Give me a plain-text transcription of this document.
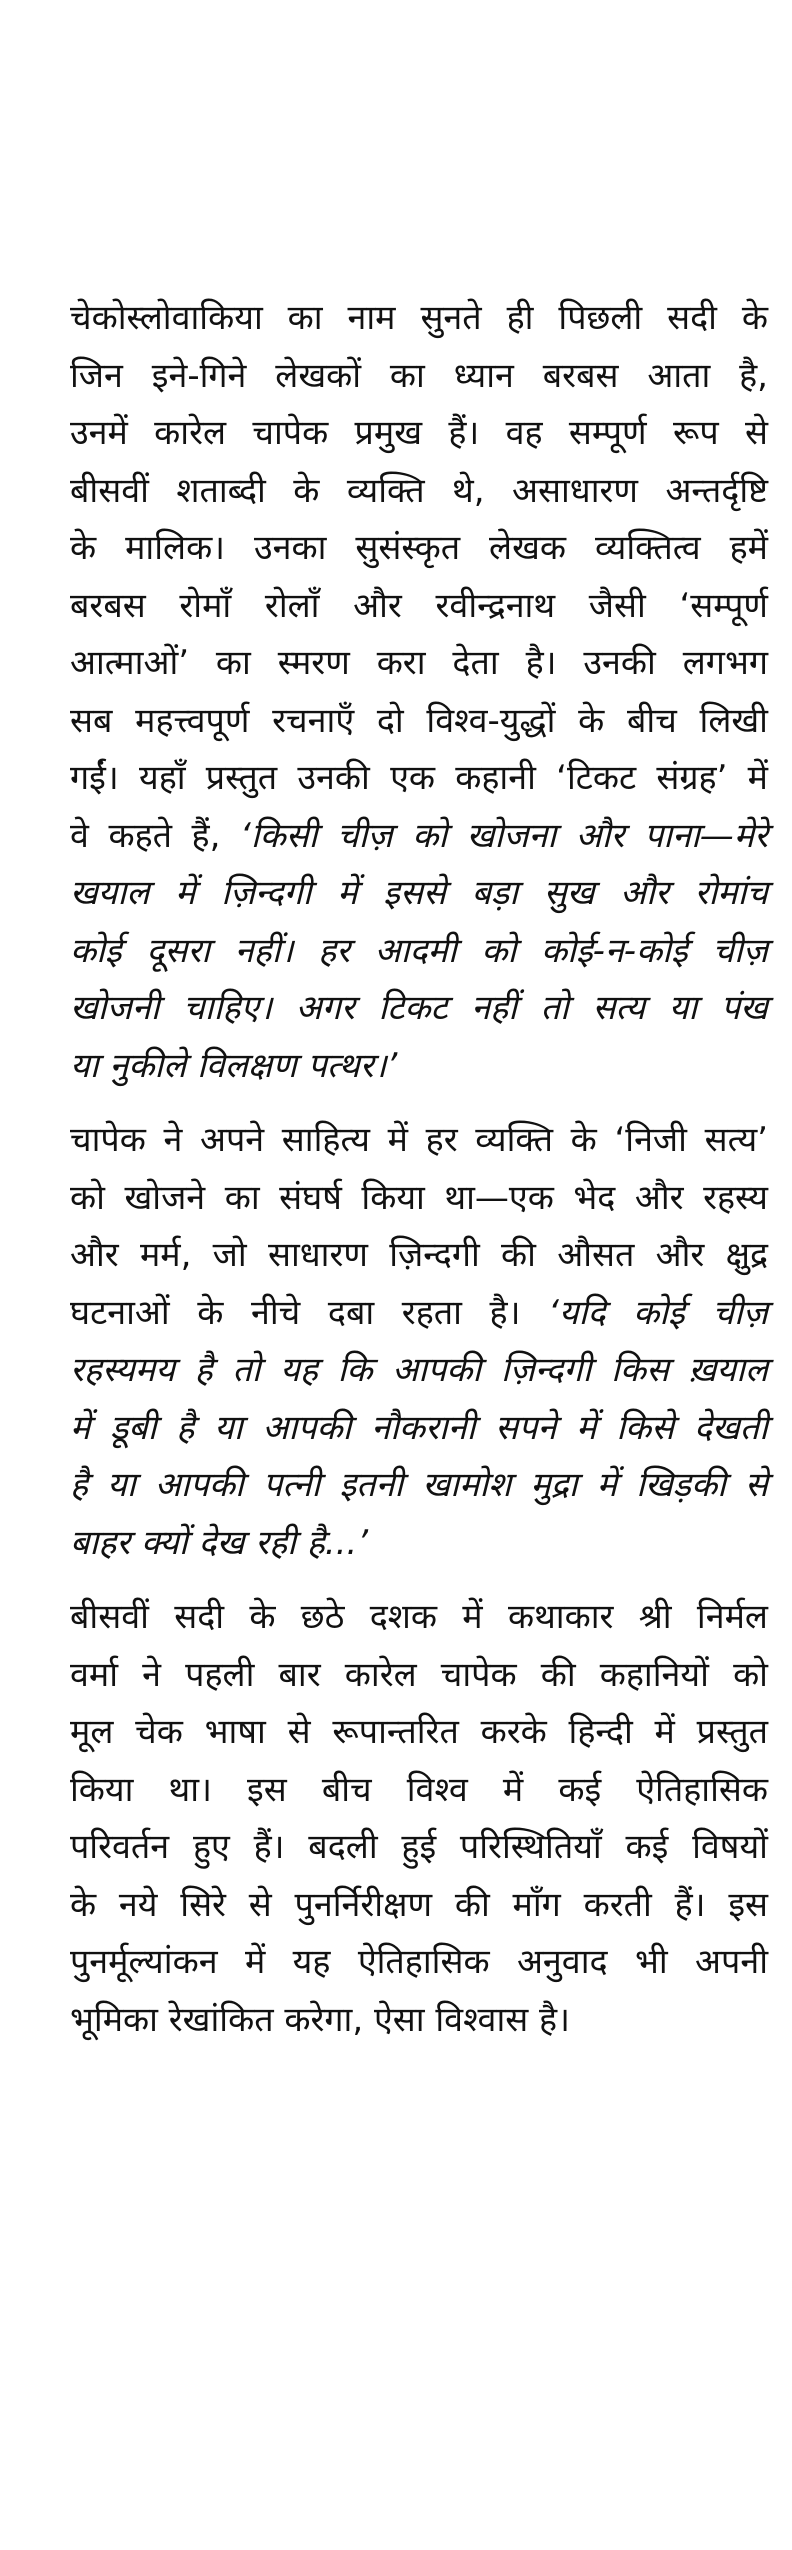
चेकोस्लोवाकिया का नाम सुनते ही पिछली सदी के
जिन इने-गिने लेखकों का ध्यान बरबस आता है,
उनमें कारेल चापेक प्रमुख हैं। वह सम्पूर्ण रूप से
बीसवीं शताब्दी के व्यक्ति थे, असाधारण अन्तर्दृष्टि
के मालिक। उनका सुसंस्कृत लेखक व्यक्तित्व हमें
बरबस रोमाँ रोलाँ और रवीन्द्रनाथ जैसी ‘सम्पूर्ण
आत्माओं’ का स्मरण करा देता है। उनकी लगभग
सब महत्त्वपूर्ण रचनाएँ दो विश्व-युद्धों के बीच लिखी
गईं। यहाँ प्रस्तुत उनकी एक कहानी ‘टिकट संग्रह’ में
वे कहते हैं, ‘किसी चीज़ को खोजना और पाना—मेरे
खयाल में ज़िन्दगी में इससे बड़ा सुख और रोमांच
कोई दूसरा नहीं। हर आदमी को कोई-न-कोई चीज़
खोजनी चाहिए। अगर टिकट नहीं तो सत्य या पंख
या नुकीले विलक्षण पत्थर।’

चापेक ने अपने साहित्य में हर व्यक्ति के ‘निजी सत्य’
को खोजने का संघर्ष किया था—एक भेद और रहस्य
और मर्म, जो साधारण ज़िन्दगी की औसत और क्षुद्र
घटनाओं के नीचे दबा रहता है। ‘यदि कोई चीज़
रहस्यमय है तो यह कि आपकी ज़िन्दगी किस ख़याल
में डूबी है या आपकी नौकरानी सपने में किसे देखती
है या आपकी पत्नी इतनी खामोश मुद्रा में खिड़की से
बाहर क्यों देख रही है...’

बीसवीं सदी के छठे दशक में कथाकार श्री निर्मल
वर्मा ने पहली बार कारेल चापेक की कहानियों को
मूल चेक भाषा से रूपान्तरित करके हिन्दी में प्रस्तुत
किया था। इस बीच विश्व में कई ऐतिहासिक
परिवर्तन हुए हैं। बदली हुई परिस्थितियाँ कई विषयों
के नये सिरे से पुनर्निरीक्षण की माँग करती हैं। इस
पुनर्मूल्यांकन में यह ऐतिहासिक अनुवाद भी अपनी
भूमिका रेखांकित करेगा, ऐसा विश्वास है।
